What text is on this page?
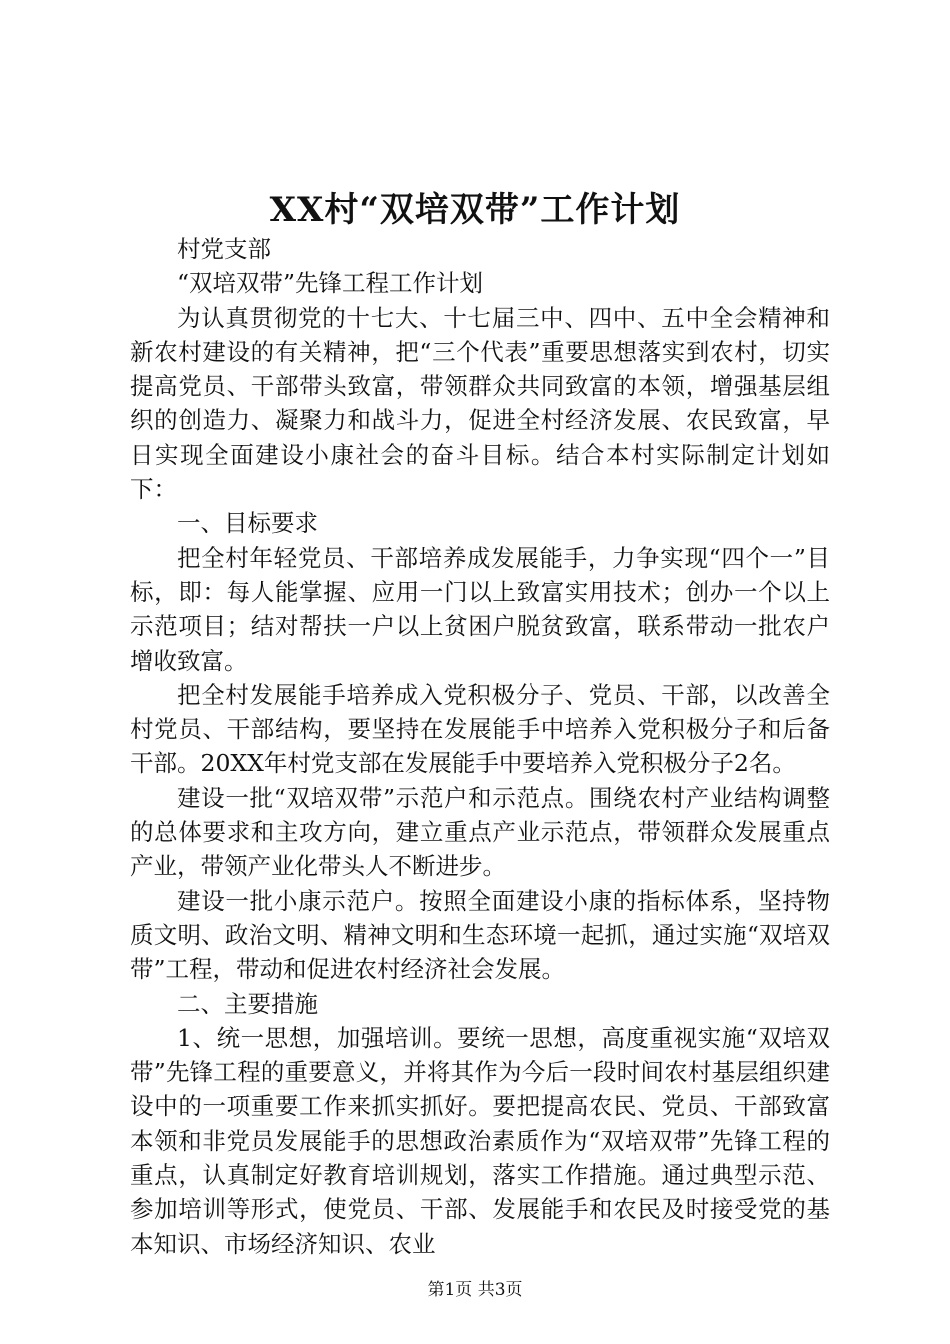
XX村“双培双带”工作计划

村党支部

“双培双带”先锋工程工作计划

为认真贯彻党的十七大、十七届三中、四中、五中全会精神和新农村建设的有关精神，把“三个代表”重要思想落实到农村，切实提高党员、干部带头致富，带领群众共同致富的本领，增强基层组织的创造力、凝聚力和战斗力，促进全村经济发展、农民致富，早日实现全面建设小康社会的奋斗目标。结合本村实际制定计划如下：

一、目标要求

把全村年轻党员、干部培养成发展能手，力争实现“四个一”目标，即：每人能掌握、应用一门以上致富实用技术；创办一个以上示范项目；结对帮扶一户以上贫困户脱贫致富，联系带动一批农户增收致富。

把全村发展能手培养成入党积极分子、党员、干部，以改善全村党员、干部结构，要坚持在发展能手中培养入党积极分子和后备干部。20XX年村党支部在发展能手中要培养入党积极分子2名。

建设一批“双培双带”示范户和示范点。围绕农村产业结构调整的总体要求和主攻方向，建立重点产业示范点，带领群众发展重点产业，带领产业化带头人不断进步。

建设一批小康示范户。按照全面建设小康的指标体系，坚持物质文明、政治文明、精神文明和生态环境一起抓，通过实施“双培双带”工程，带动和促进农村经济社会发展。

二、主要措施

1、统一思想，加强培训。要统一思想，高度重视实施“双培双带”先锋工程的重要意义，并将其作为今后一段时间农村基层组织建设中的一项重要工作来抓实抓好。要把提高农民、党员、干部致富本领和非党员发展能手的思想政治素质作为“双培双带”先锋工程的重点，认真制定好教育培训规划，落实工作措施。通过典型示范、参加培训等形式，使党员、干部、发展能手和农民及时接受党的基本知识、市场经济知识、农业

第1页 共3页
